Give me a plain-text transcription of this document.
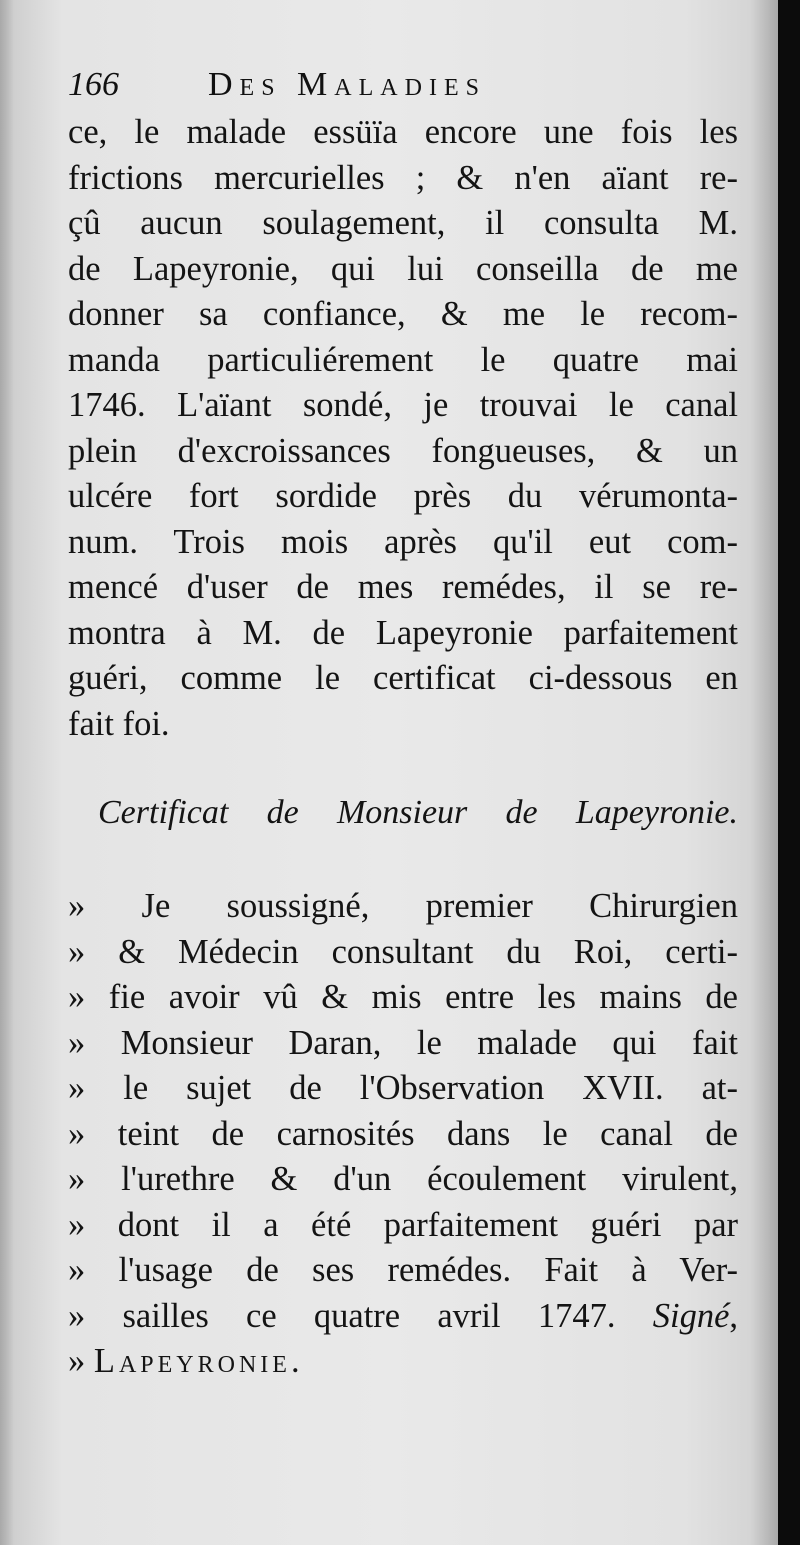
166	Des Maladies
ce, le malade essüïa encore une fois les
frictions mercurielles ; & n'en aïant re-
çû aucun soulagement, il consulta M.
de Lapeyronie, qui lui conseilla de me
donner sa confiance, & me le recom-
manda particuliérement le quatre mai
1746. L'aïant sondé, je trouvai le canal
plein d'excroissances fongueuses, & un
ulcére fort sordide près du vérumonta-
num. Trois mois après qu'il eut com-
mencé d'user de mes remédes, il se re-
montra à M. de Lapeyronie parfaitement
guéri, comme le certificat ci-dessous en
fait foi.
Certificat de Monsieur de Lapeyronie.
» Je soussigné, premier Chirurgien
» & Médecin consultant du Roi, certi-
» fie avoir vû & mis entre les mains de
» Monsieur Daran, le malade qui fait
» le sujet de l'Observation XVII. at-
» teint de carnosités dans le canal de
» l'urethre & d'un écoulement virulent,
» dont il a été parfaitement guéri par
» l'usage de ses remédes. Fait à Ver-
» sailles ce quatre avril 1747. Signé,
» Lapeyronie.
